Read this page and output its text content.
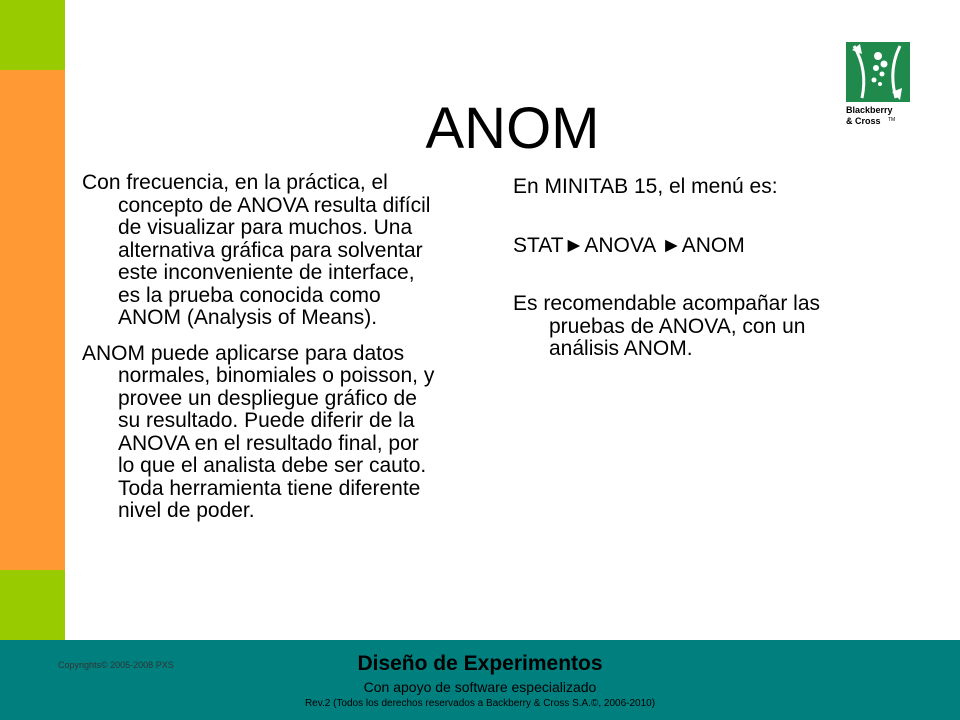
ANOM	Blackberry
& Cross TM

Con frecuencia, en la práctica, el concepto de ANOVA resulta difícil de visualizar para muchos. Una alternativa gráfica para solventar este inconveniente de interface, es la prueba conocida como ANOM (Analysis of Means).

ANOM puede aplicarse para datos normales, binomiales o poisson, y provee un despliegue gráfico de su resultado. Puede diferir de la ANOVA en el resultado final, por lo que el analista debe ser cauto. Toda herramienta tiene diferente nivel de poder.

En MINITAB 15, el menú es:

STAT►ANOVA ►ANOM

Es recomendable acompañar las pruebas de ANOVA, con un análisis ANOM.

Copyrights© 2005-2008 PXS	Diseño de Experimentos
Con apoyo de software especializado
Rev.2 (Todos los derechos reservados a Backberry & Cross S.A.©, 2006-2010)
